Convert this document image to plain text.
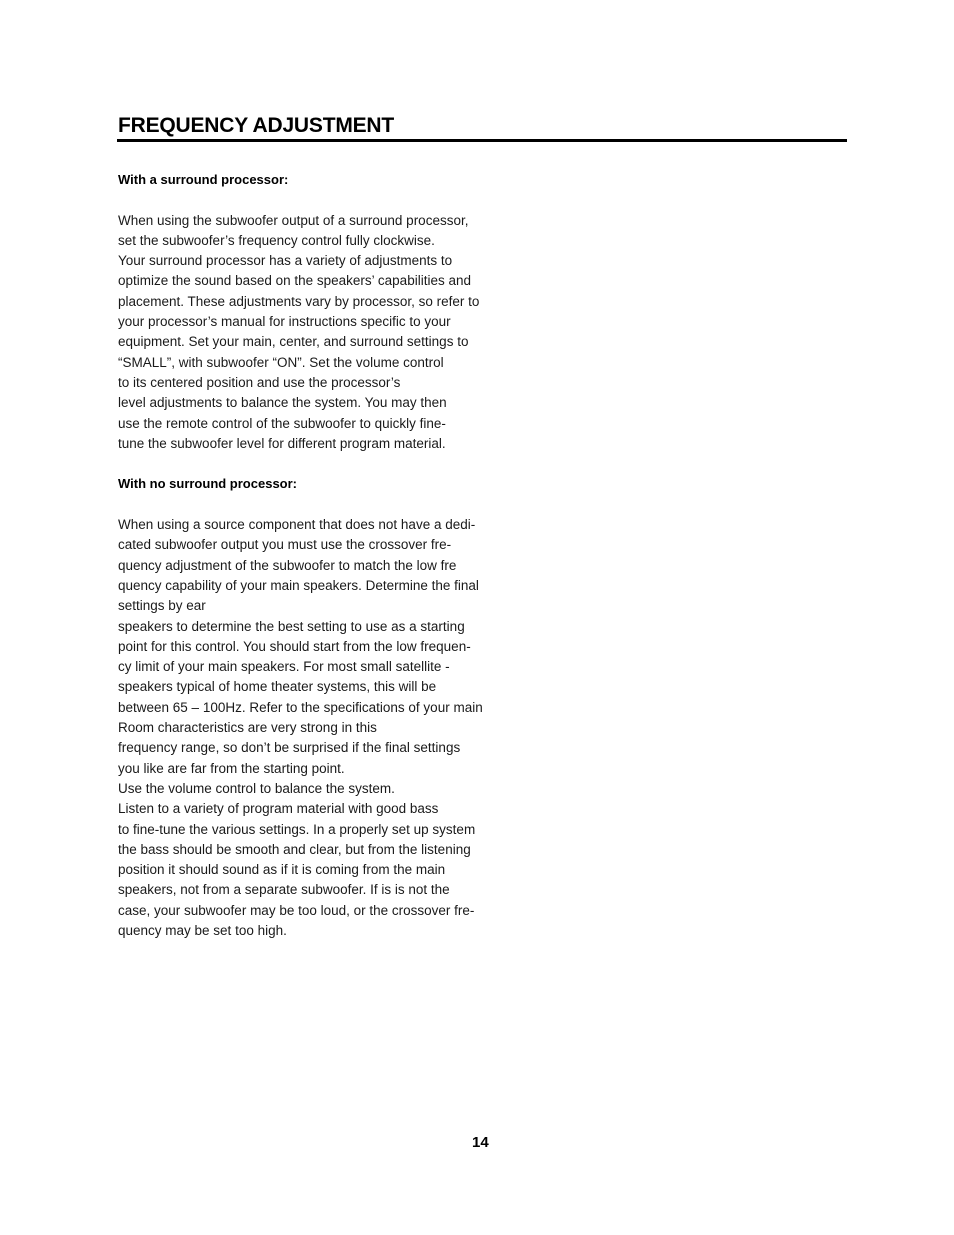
FREQUENCY ADJUSTMENT

With a surround processor:

When using the subwoofer output of a surround processor,
set the subwoofer’s frequency control fully clockwise.
Your surround processor has a variety of adjustments to
optimize the sound based on the speakers’ capabilities and
placement. These adjustments vary by processor, so refer to
your processor’s manual for instructions specific to your
equipment. Set your main, center, and surround settings to
“SMALL”, with subwoofer “ON”. Set the volume control
to its centered position and use the processor’s
level adjustments to balance the system. You may then
use the remote control of the subwoofer to quickly fine-
tune the subwoofer level for different program material.

With no surround processor:

When using a source component that does not have a dedi-
cated subwoofer output you must use the crossover fre-
quency adjustment of the subwoofer to match the low fre
quency capability of your main speakers. Determine the final
settings by ear
speakers to determine the best setting to use as a starting
point for this control. You should start from the low frequen-
cy limit of your main speakers. For most small satellite -
speakers typical of home theater systems, this will be
between 65 – 100Hz. Refer to the specifications of your main
Room characteristics are very strong in this
frequency range, so don’t be surprised if the final settings
you like are far from the starting point.
Use the volume control to balance the system.
Listen to a variety of program material with good bass
to fine-tune the various settings. In a properly set up system
the bass should be smooth and clear, but from the listening
position it should sound as if it is coming from the main
speakers, not from a separate subwoofer. If is is not the
case, your subwoofer may be too loud, or the crossover fre-
quency may be set too high.
14
